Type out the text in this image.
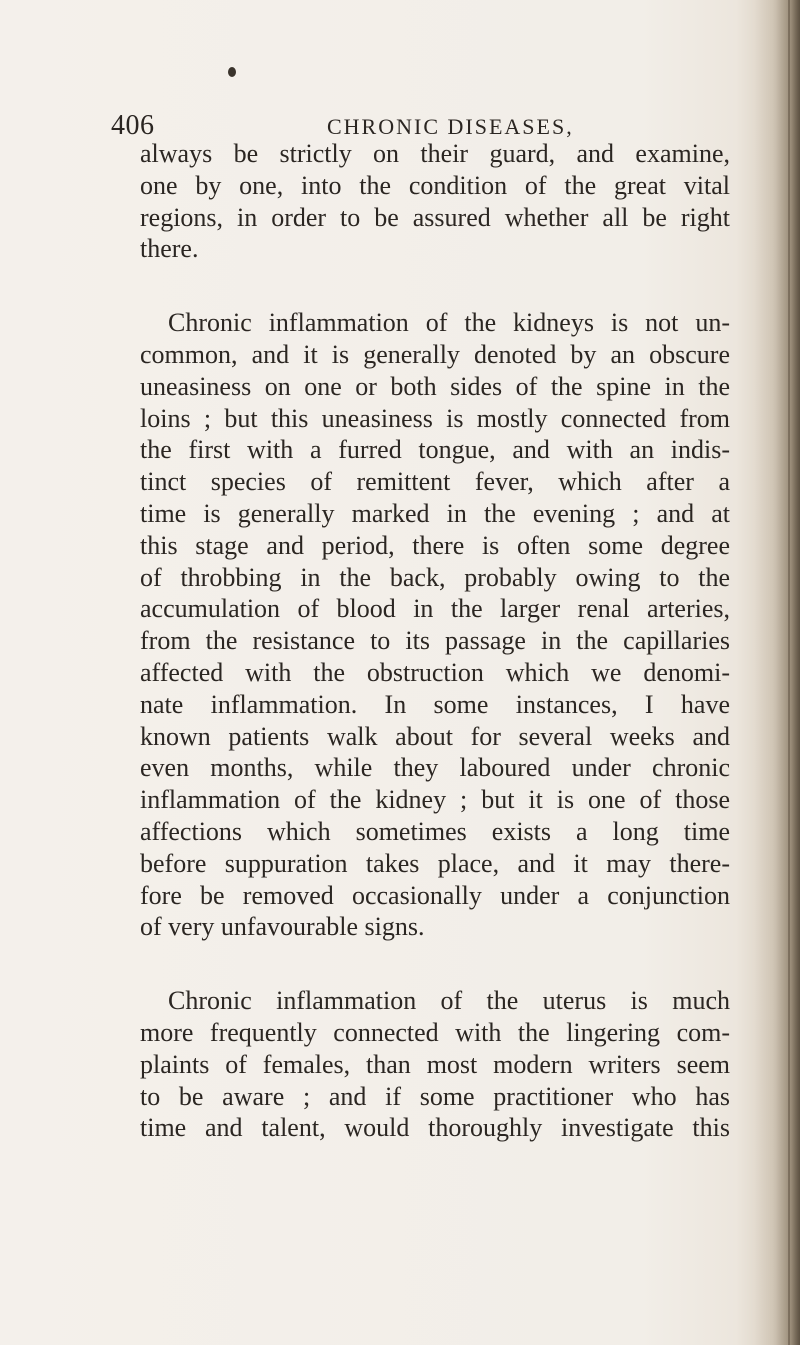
406	CHRONIC DISEASES,
always be strictly on their guard, and examine,
one by one, into the condition of the great vital
regions, in order to be assured whether all be right
there.
Chronic inflammation of the kidneys is not un-
common, and it is generally denoted by an obscure
uneasiness on one or both sides of the spine in the
loins ; but this uneasiness is mostly connected from
the first with a furred tongue, and with an indis-
tinct species of remittent fever, which after a
time is generally marked in the evening ; and at
this stage and period, there is often some degree
of throbbing in the back, probably owing to the
accumulation of blood in the larger renal arteries,
from the resistance to its passage in the capillaries
affected with the obstruction which we denomi-
nate inflammation. In some instances, I have
known patients walk about for several weeks and
even months, while they laboured under chronic
inflammation of the kidney ; but it is one of those
affections which sometimes exists a long time
before suppuration takes place, and it may there-
fore be removed occasionally under a conjunction
of very unfavourable signs.
Chronic inflammation of the uterus is much
more frequently connected with the lingering com-
plaints of females, than most modern writers seem
to be aware ; and if some practitioner who has
time and talent, would thoroughly investigate this
